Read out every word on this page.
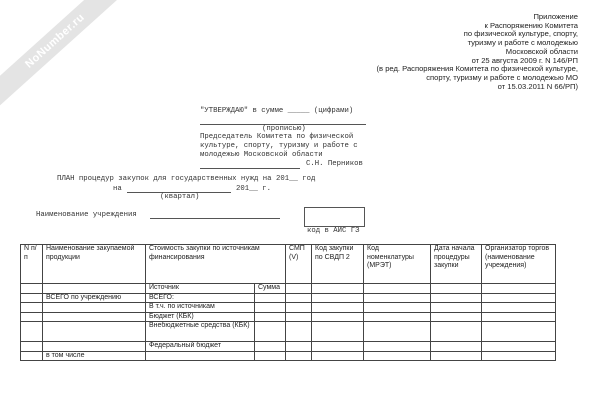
NoNumber.ru	Приложение
к Распоряжению Комитета
по физической культуре, спорту,
туризму и работе с молодежью
Московской области
от 25 августа 2009 г. N 146/РП
(в ред. Распоряжения Комитета по физической культуре,
спорту, туризму и работе с молодежью МО
от 15.03.2011 N 66/РП)
"УТВЕРЖДАЮ" в сумме _____ (цифрами)
(прописью)
Председатель Комитета по физической
культуре, спорту, туризму и работе с
молодежью Московской области
С.Н. Перников
ПЛАН процедур закупок для государственных нужд на 201__ год
на	201__ г.
(квартал)
Наименование учреждения
код в АИС ГЗ
N п/п	Наименование закупаемой продукции	Стоимость закупки по источникам финансирования		СМП (V)	Код закупки по СВДП 2	Код номенклатуры (МРЭТ)	Дата начала процедуры закупки	Организатор торгов (наименование учреждения)
		Источник	Сумма					
	ВСЕГО по учреждению	ВСЕГО:						
		В т.ч. по источникам						
		Бюджет (КБК)						
		Внебюджетные средства (КБК)						
		Федеральный бюджет						
	в том числе							
